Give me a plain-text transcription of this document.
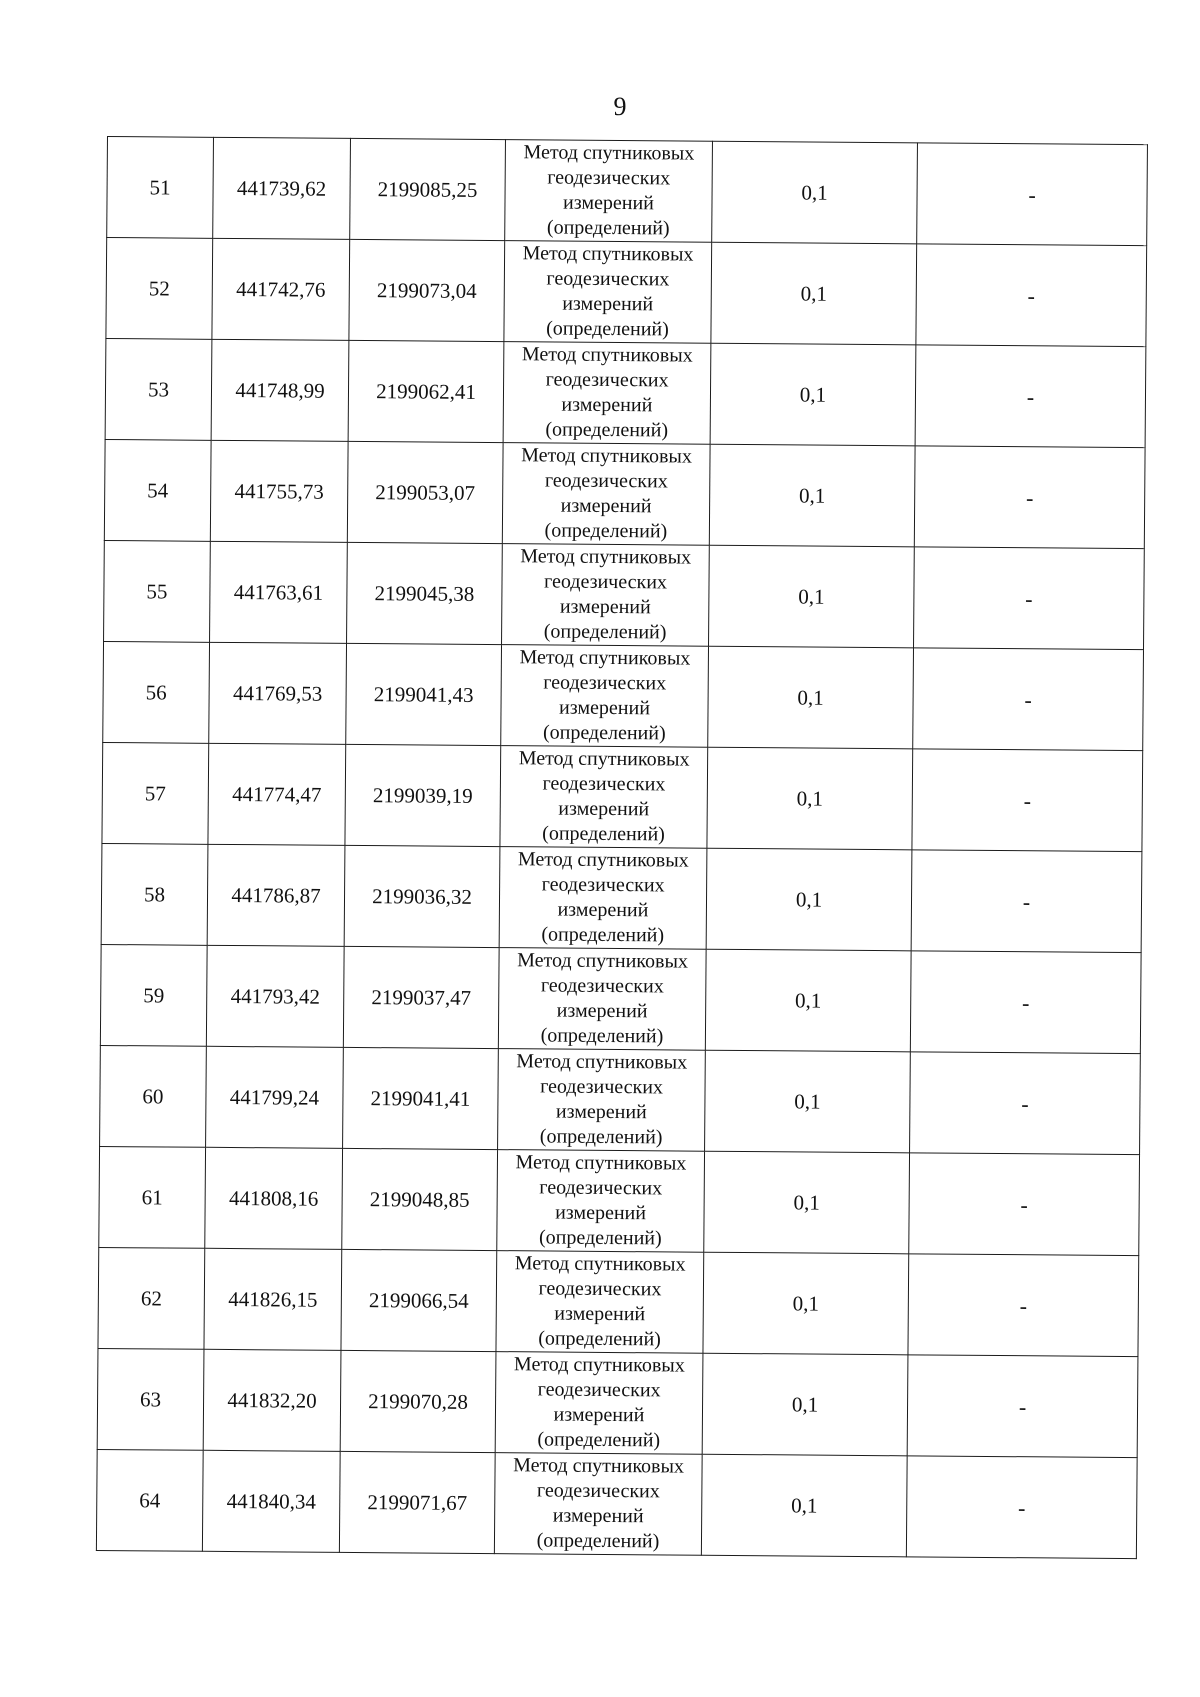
9
51	441739,62	2199085,25	Метод спутниковых
геодезических
измерений
(определений)	0,1	-
52	441742,76	2199073,04	Метод спутниковых
геодезических
измерений
(определений)	0,1	-
53	441748,99	2199062,41	Метод спутниковых
геодезических
измерений
(определений)	0,1	-
54	441755,73	2199053,07	Метод спутниковых
геодезических
измерений
(определений)	0,1	-
55	441763,61	2199045,38	Метод спутниковых
геодезических
измерений
(определений)	0,1	-
56	441769,53	2199041,43	Метод спутниковых
геодезических
измерений
(определений)	0,1	-
57	441774,47	2199039,19	Метод спутниковых
геодезических
измерений
(определений)	0,1	-
58	441786,87	2199036,32	Метод спутниковых
геодезических
измерений
(определений)	0,1	-
59	441793,42	2199037,47	Метод спутниковых
геодезических
измерений
(определений)	0,1	-
60	441799,24	2199041,41	Метод спутниковых
геодезических
измерений
(определений)	0,1	-
61	441808,16	2199048,85	Метод спутниковых
геодезических
измерений
(определений)	0,1	-
62	441826,15	2199066,54	Метод спутниковых
геодезических
измерений
(определений)	0,1	-
63	441832,20	2199070,28	Метод спутниковых
геодезических
измерений
(определений)	0,1	-
64	441840,34	2199071,67	Метод спутниковых
геодезических
измерений
(определений)	0,1	-
